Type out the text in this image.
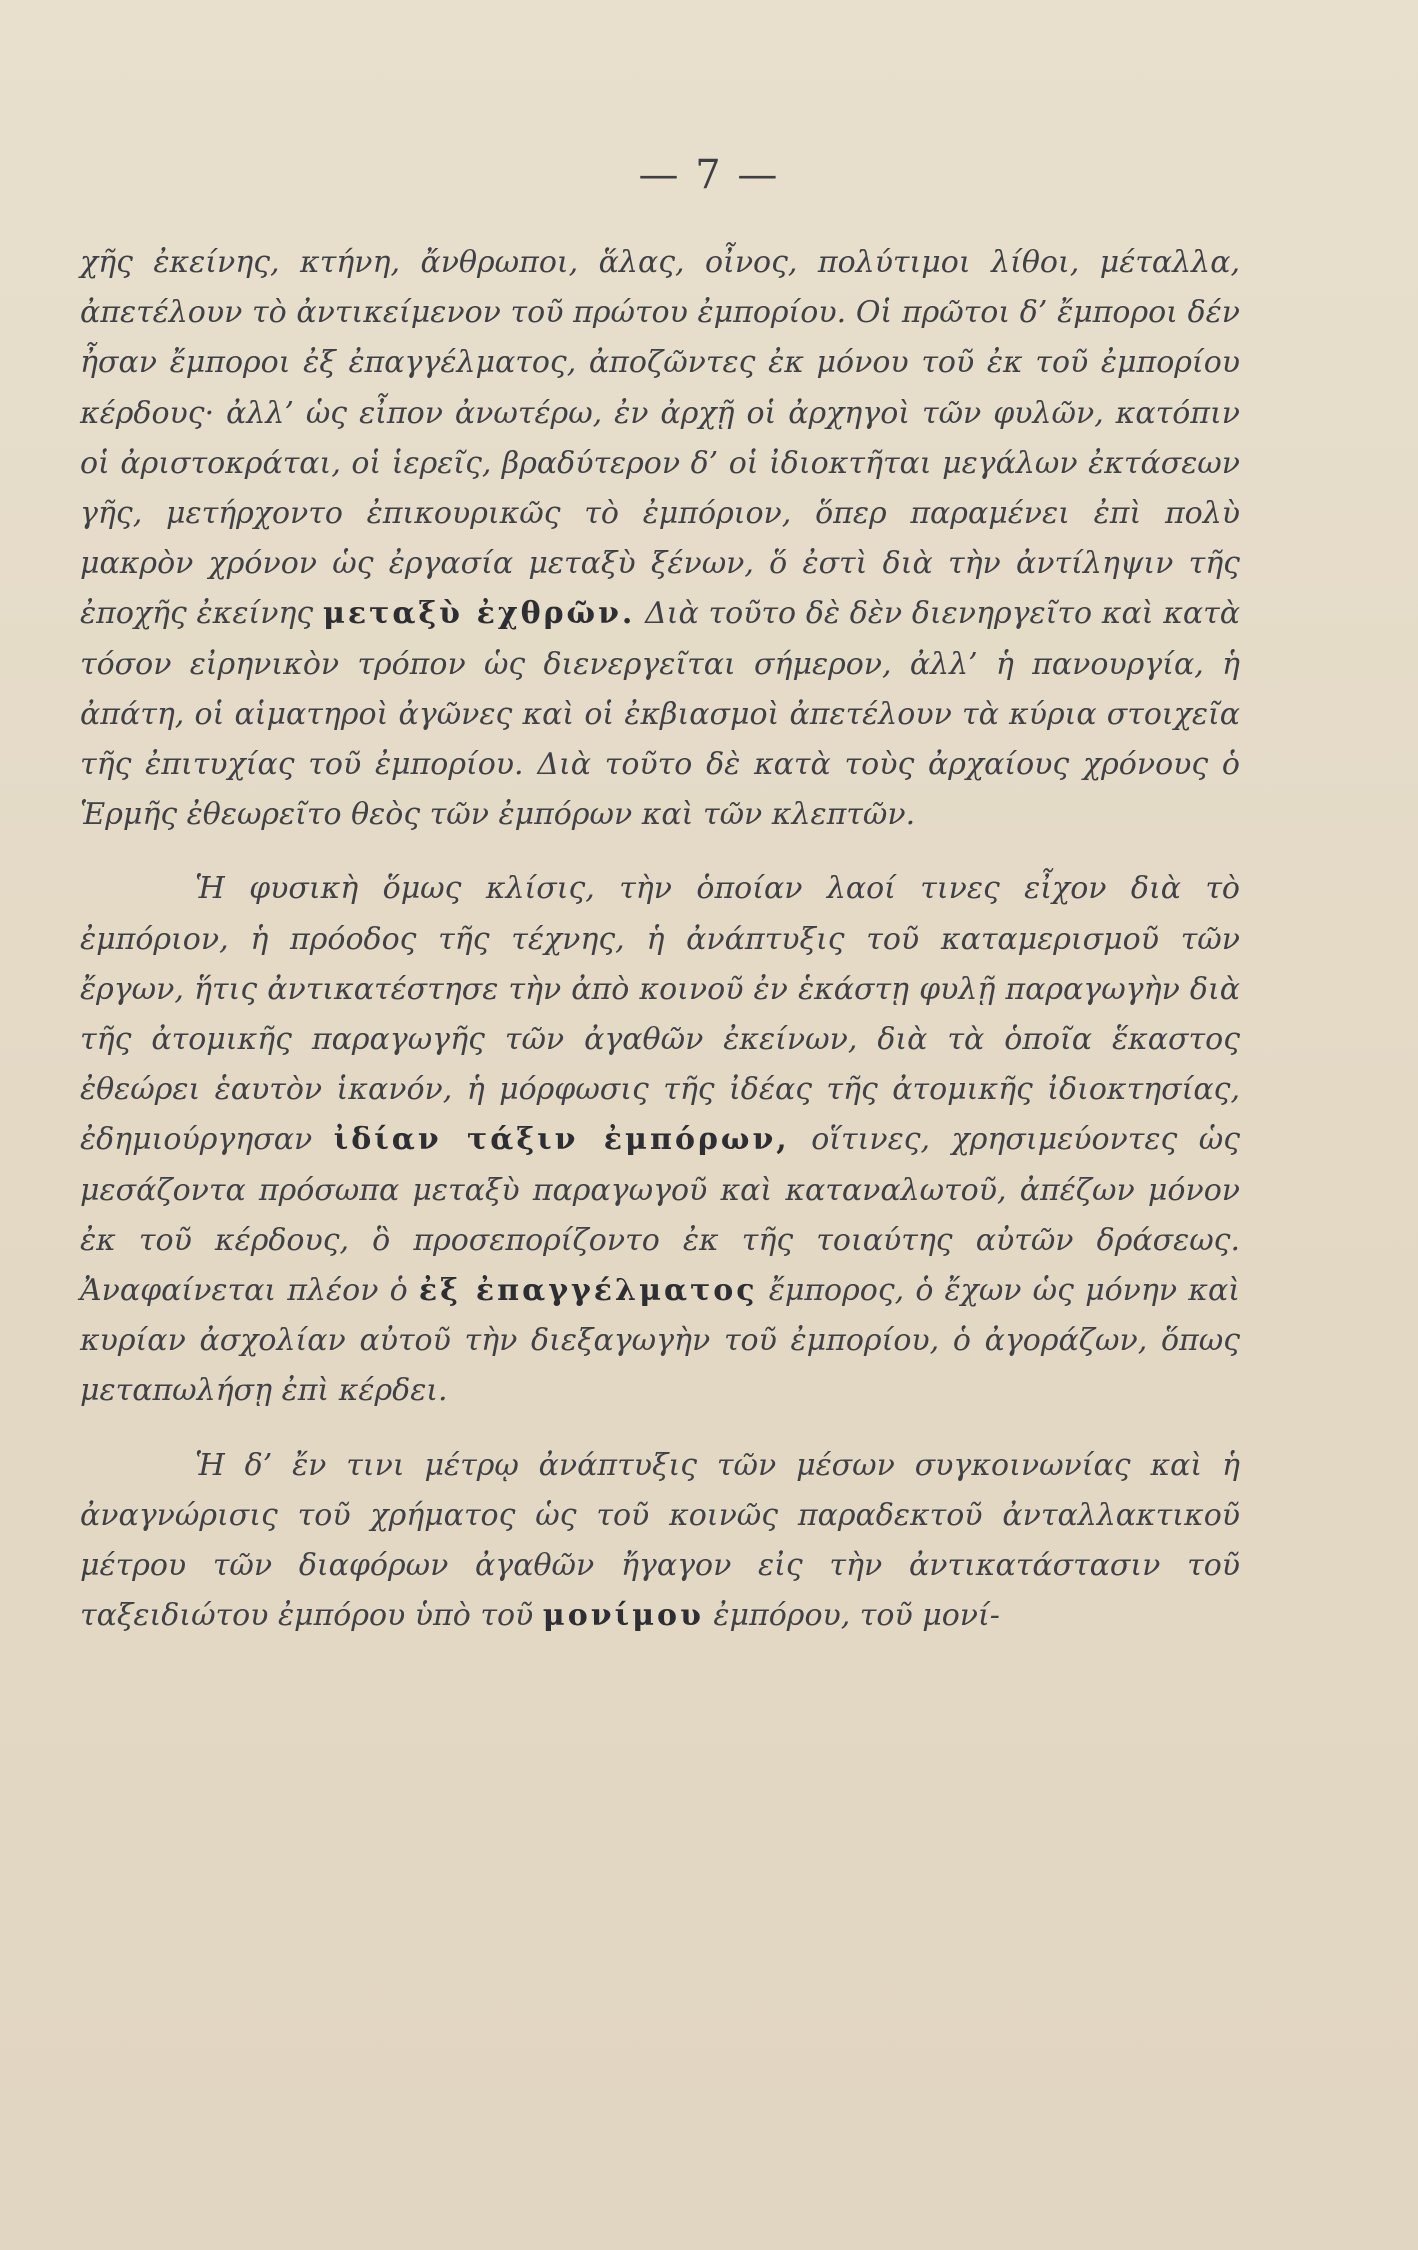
— 7 —

χῆς ἐκείνης, κτήνη, ἄνθρωποι, ἅλας, οἶνος, πολύτιμοι λίθοι, μέταλλα, ἀπετέλουν τὸ ἀντικείμενον τοῦ πρώτου ἐμπορίου. Οἱ πρῶτοι δ’ ἔμποροι δέν ἦσαν ἔμποροι ἐξ ἐπαγγέλματος, ἀποζῶντες ἐκ μόνου τοῦ ἐκ τοῦ ἐμπορίου κέρδους· ἀλλ’ ὡς εἶπον ἀνωτέρω, ἐν ἀρχῇ οἱ ἀρχηγοὶ τῶν φυλῶν, κατόπιν οἱ ἀριστοκράται, οἱ ἱερεῖς, βραδύτερον δ’ οἱ ἰδιοκτῆται μεγάλων ἐκτάσεων γῆς, μετήρχοντο ἐπικουρικῶς τὸ ἐμπόριον, ὅπερ παραμένει ἐπὶ πολὺ μακρὸν χρόνον ὡς ἐργασία μεταξὺ ξένων, ὅ ἐστὶ διὰ τὴν ἀντίληψιν τῆς ἐποχῆς ἐκείνης μεταξὺ ἐχθρῶν. Διὰ τοῦτο δὲ δὲν διενηργεῖτο καὶ κατὰ τόσον εἰρηνικὸν τρόπον ὡς διενεργεῖται σήμερον, ἀλλ’ ἡ πανουργία, ἡ ἀπάτη, οἱ αἱματηροὶ ἀγῶνες καὶ οἱ ἐκβιασμοὶ ἀπετέλουν τὰ κύρια στοιχεῖα τῆς ἐπιτυχίας τοῦ ἐμπορίου. Διὰ τοῦτο δὲ κατὰ τοὺς ἀρχαίους χρόνους ὁ Ἑρμῆς ἐθεωρεῖτο θεὸς τῶν ἐμπόρων καὶ τῶν κλεπτῶν.

Ἡ φυσικὴ ὅμως κλίσις, τὴν ὁποίαν λαοί τινες εἶχον διὰ τὸ ἐμπόριον, ἡ πρόοδος τῆς τέχνης, ἡ ἀνάπτυξις τοῦ καταμερισμοῦ τῶν ἔργων, ἥτις ἀντικατέστησε τὴν ἀπὸ κοινοῦ ἐν ἑκάστῃ φυλῇ παραγωγὴν διὰ τῆς ἀτομικῆς παραγωγῆς τῶν ἀγαθῶν ἐκείνων, διὰ τὰ ὁποῖα ἕκαστος ἐθεώρει ἑαυτὸν ἱκανόν, ἡ μόρφωσις τῆς ἰδέας τῆς ἀτομικῆς ἰδιοκτησίας, ἐδημιούργησαν ἰδίαν τάξιν ἐμπόρων, οἵτινες, χρησιμεύοντες ὡς μεσάζοντα πρόσωπα μεταξὺ παραγωγοῦ καὶ καταναλωτοῦ, ἀπέζων μόνον ἐκ τοῦ κέρδους, ὃ προσεπορίζοντο ἐκ τῆς τοιαύτης αὐτῶν δράσεως. Ἀναφαίνεται πλέον ὁ ἐξ ἐπαγγέλματος ἔμπορος, ὁ ἔχων ὡς μόνην καὶ κυρίαν ἀσχολίαν αὐτοῦ τὴν διεξαγωγὴν τοῦ ἐμπορίου, ὁ ἀγοράζων, ὅπως μεταπωλήσῃ ἐπὶ κέρδει.

Ἡ δ’ ἔν τινι μέτρῳ ἀνάπτυξις τῶν μέσων συγκοινωνίας καὶ ἡ ἀναγνώρισις τοῦ χρήματος ὡς τοῦ κοινῶς παραδεκτοῦ ἀνταλλακτικοῦ μέτρου τῶν διαφόρων ἀγαθῶν ἤγαγον εἰς τὴν ἀντικατάστασιν τοῦ ταξειδιώτου ἐμπόρου ὑπὸ τοῦ μονίμου ἐμπόρου, τοῦ μονί-
